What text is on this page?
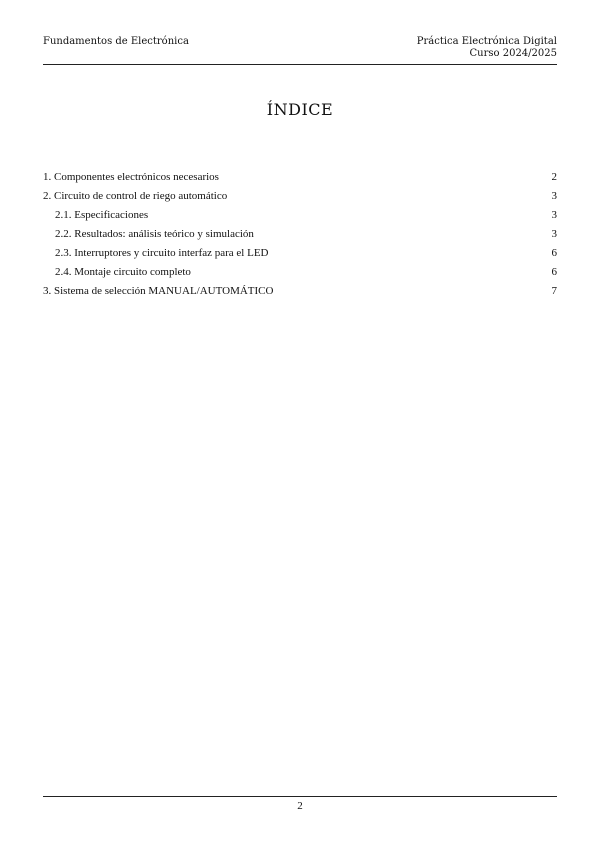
Fundamentos de Electrónica	Práctica Electrónica Digital
Curso 2024/2025
ÍNDICE
1. Componentes electrónicos necesarios	2
2. Circuito de control de riego automático	3
2.1. Especificaciones	3
2.2. Resultados: análisis teórico y simulación	3
2.3. Interruptores y circuito interfaz para el LED	6
2.4. Montaje circuito completo	6
3. Sistema de selección MANUAL/AUTOMÁTICO	7
2
